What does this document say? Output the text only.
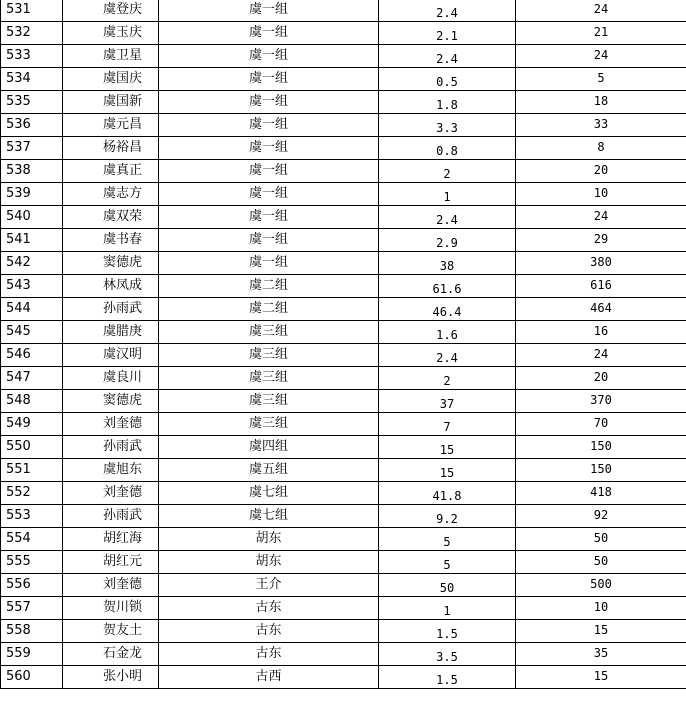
531	虞登庆	虞一组	2.4	24
532	虞玉庆	虞一组	2.1	21
533	虞卫星	虞一组	2.4	24
534	虞国庆	虞一组	0.5	5
535	虞国新	虞一组	1.8	18
536	虞元昌	虞一组	3.3	33
537	杨裕昌	虞一组	0.8	8
538	虞真正	虞一组	2	20
539	虞志方	虞一组	1	10
540	虞双荣	虞一组	2.4	24
541	虞书春	虞一组	2.9	29
542	窦德虎	虞一组	38	380
543	林凤成	虞二组	61.6	616
544	孙雨武	虞二组	46.4	464
545	虞腊庚	虞三组	1.6	16
546	虞汉明	虞三组	2.4	24
547	虞良川	虞三组	2	20
548	窦德虎	虞三组	37	370
549	刘奎德	虞三组	7	70
550	孙雨武	虞四组	15	150
551	虞旭东	虞五组	15	150
552	刘奎德	虞七组	41.8	418
553	孙雨武	虞七组	9.2	92
554	胡红海	胡东	5	50
555	胡红元	胡东	5	50
556	刘奎德	王介	50	500
557	贺川锁	古东	1	10
558	贺友土	古东	1.5	15
559	石金龙	古东	3.5	35
560	张小明	古西	1.5	15
